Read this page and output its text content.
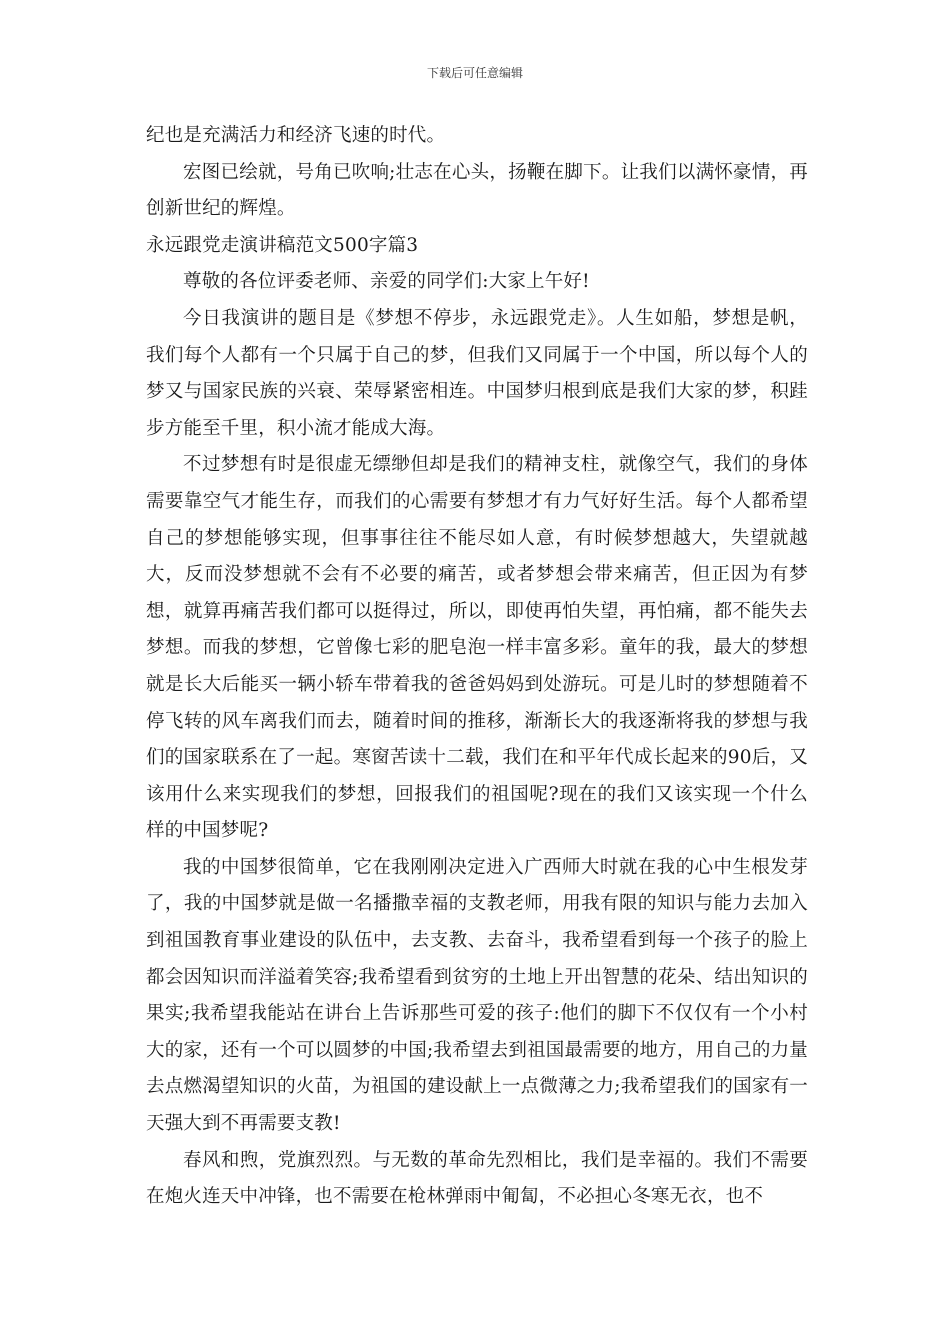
下载后可任意编辑

纪也是充满活力和经济飞速的时代。

宏图已绘就，号角已吹响;壮志在心头，扬鞭在脚下。让我们以满怀豪情，再创新世纪的辉煌。

永远跟党走演讲稿范文500字篇3

尊敬的各位评委老师、亲爱的同学们:大家上午好!

今日我演讲的题目是《梦想不停步，永远跟党走》。人生如船，梦想是帆，我们每个人都有一个只属于自己的梦，但我们又同属于一个中国，所以每个人的梦又与国家民族的兴衰、荣辱紧密相连。中国梦归根到底是我们大家的梦，积跬步方能至千里，积小流才能成大海。

不过梦想有时是很虚无缥缈但却是我们的精神支柱，就像空气，我们的身体需要靠空气才能生存，而我们的心需要有梦想才有力气好好生活。每个人都希望自己的梦想能够实现，但事事往往不能尽如人意，有时候梦想越大，失望就越大，反而没梦想就不会有不必要的痛苦，或者梦想会带来痛苦，但正因为有梦想，就算再痛苦我们都可以挺得过，所以，即使再怕失望，再怕痛，都不能失去梦想。而我的梦想，它曾像七彩的肥皂泡一样丰富多彩。童年的我，最大的梦想就是长大后能买一辆小轿车带着我的爸爸妈妈到处游玩。可是儿时的梦想随着不停飞转的风车离我们而去，随着时间的推移，渐渐长大的我逐渐将我的梦想与我们的国家联系在了一起。寒窗苦读十二载，我们在和平年代成长起来的90后，又该用什么来实现我们的梦想，回报我们的祖国呢?现在的我们又该实现一个什么样的中国梦呢?

我的中国梦很简单，它在我刚刚决定进入广西师大时就在我的心中生根发芽了，我的中国梦就是做一名播撒幸福的支教老师，用我有限的知识与能力去加入到祖国教育事业建设的队伍中，去支教、去奋斗，我希望看到每一个孩子的脸上都会因知识而洋溢着笑容;我希望看到贫穷的土地上开出智慧的花朵、结出知识的果实;我希望我能站在讲台上告诉那些可爱的孩子:他们的脚下不仅仅有一个小村大的家，还有一个可以圆梦的中国;我希望去到祖国最需要的地方，用自己的力量去点燃渴望知识的火苗，为祖国的建设献上一点微薄之力;我希望我们的国家有一天强大到不再需要支教!

春风和煦，党旗烈烈。与无数的革命先烈相比，我们是幸福的。我们不需要在炮火连天中冲锋，也不需要在枪林弹雨中匍匐，不必担心冬寒无衣，也不
